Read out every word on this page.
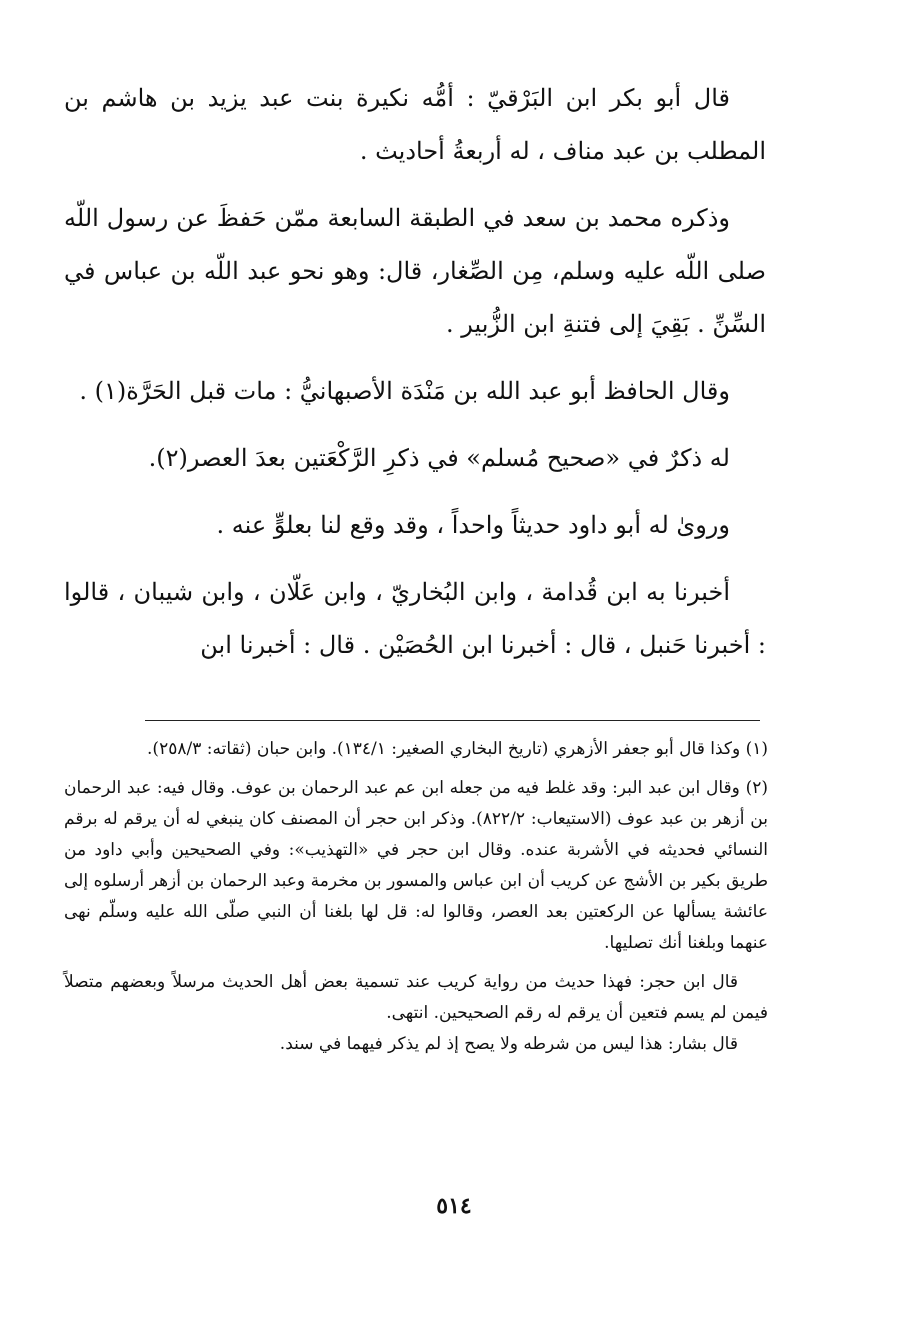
قال أبو بكر ابن البَرْقيّ : أمُّه نكيرة بنت عبد يزيد بن هاشم بن المطلب بن عبد مناف ، له أربعةُ أحاديث .

وذكره محمد بن سعد في الطبقة السابعة ممّن حَفظَ عن رسول اللّه صلى اللّه عليه وسلم، مِن الصِّغار، قال: وهو نحو عبد اللّه بن عباس في السِّنِّ . بَقِيَ إلى فتنةِ ابن الزُّبير .

وقال الحافظ أبو عبد الله بن مَنْدَة الأصبهانيُّ : مات قبل الحَرَّة(١) .

له ذكرٌ في «صحيح مُسلم» في ذكرِ الرَّكْعَتين بعدَ العصر(٢).

وروىٰ له أبو داود حديثاً واحداً ، وقد وقع لنا بعلوٍّ عنه .

أخبرنا به ابن قُدامة ، وابن البُخاريّ ، وابن عَلّان ، وابن شيبان ، قالوا : أخبرنا حَنبل ، قال : أخبرنا ابن الحُصَيْن . قال : أخبرنا ابن

(١) وكذا قال أبو جعفر الأزهري (تاريخ البخاري الصغير: ١٣٤/١). وابن حبان (ثقاته: ٢٥٨/٣).

(٢) وقال ابن عبد البر: وقد غلط فيه من جعله ابن عم عبد الرحمان بن عوف. وقال فيه: عبد الرحمان بن أزهر بن عبد عوف (الاستيعاب: ٨٢٢/٢). وذكر ابن حجر أن المصنف كان ينبغي له أن يرقم له برقم النسائي فحديثه في الأشربة عنده. وقال ابن حجر في «التهذيب»: وفي الصحيحين وأبي داود من طريق بكير بن الأشج عن كريب أن ابن عباس والمسور بن مخرمة وعبد الرحمان بن أزهر أرسلوه إلى عائشة يسألها عن الركعتين بعد العصر، وقالوا له: قل لها بلغنا أن النبي صلّى الله عليه وسلّم نهى عنهما وبلغنا أنك تصليها.

قال ابن حجر: فهذا حديث من رواية كريب عند تسمية بعض أهل الحديث مرسلاً وبعضهم متصلاً فيمن لم يسم فتعين أن يرقم له رقم الصحيحين. انتهى.

قال بشار: هذا ليس من شرطه ولا يصح إذ لم يذكر فيهما في سند.

٥١٤
